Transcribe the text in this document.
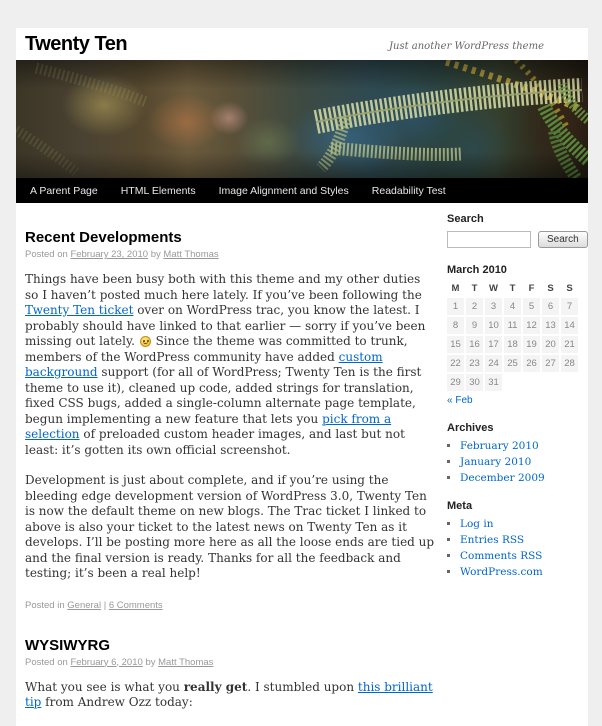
Twenty Ten	Just another WordPress theme
A Parent Page HTML Elements Image Alignment and Styles Readability Test
Recent Developments
Posted on February 23, 2010 by Matt Thomas

Things have been busy both with this theme and my other duties so I haven’t posted much here lately. If you’ve been following the Twenty Ten ticket over on WordPress trac, you know the latest. I probably should have linked to that earlier — sorry if you’ve been missing out lately.
Since the theme was committed to trunk, members of the WordPress community have added custom background support (for all of WordPress; Twenty Ten is the first theme to use it), cleaned up code, added strings for translation, fixed CSS bugs, added a single-column alternate page template, begun implementing a new feature that lets you pick from a selection of preloaded custom header images, and last but not least: it’s gotten its own official screenshot.

Development is just about complete, and if you’re using the bleeding edge development version of WordPress 3.0, Twenty Ten is now the default theme on new blogs. The Trac ticket I linked to above is also your ticket to the latest news on Twenty Ten as it develops. I’ll be posting more here as all the loose ends are tied up and the final version is ready. Thanks for all the feedback and testing; it’s been a real help!

Posted in General | 6 Comments
WYSIWYRG
Posted on February 6, 2010 by Matt Thomas

What you see is what you really get. I stumbled upon this brilliant tip from Andrew Ozz today:

Search
Search
March 2010
M	T	W	T	F	S	S
1	2	3	4	5	6	7
8	9	10	11	12	13	14
15	16	17	18	19	20	21
22	23	24	25	26	27	28
29	30	31				
« Feb
Archives
▪ February 2010
▪ January 2010
▪ December 2009
Meta
▪ Log in
▪ Entries RSS
▪ Comments RSS
▪ WordPress.com
